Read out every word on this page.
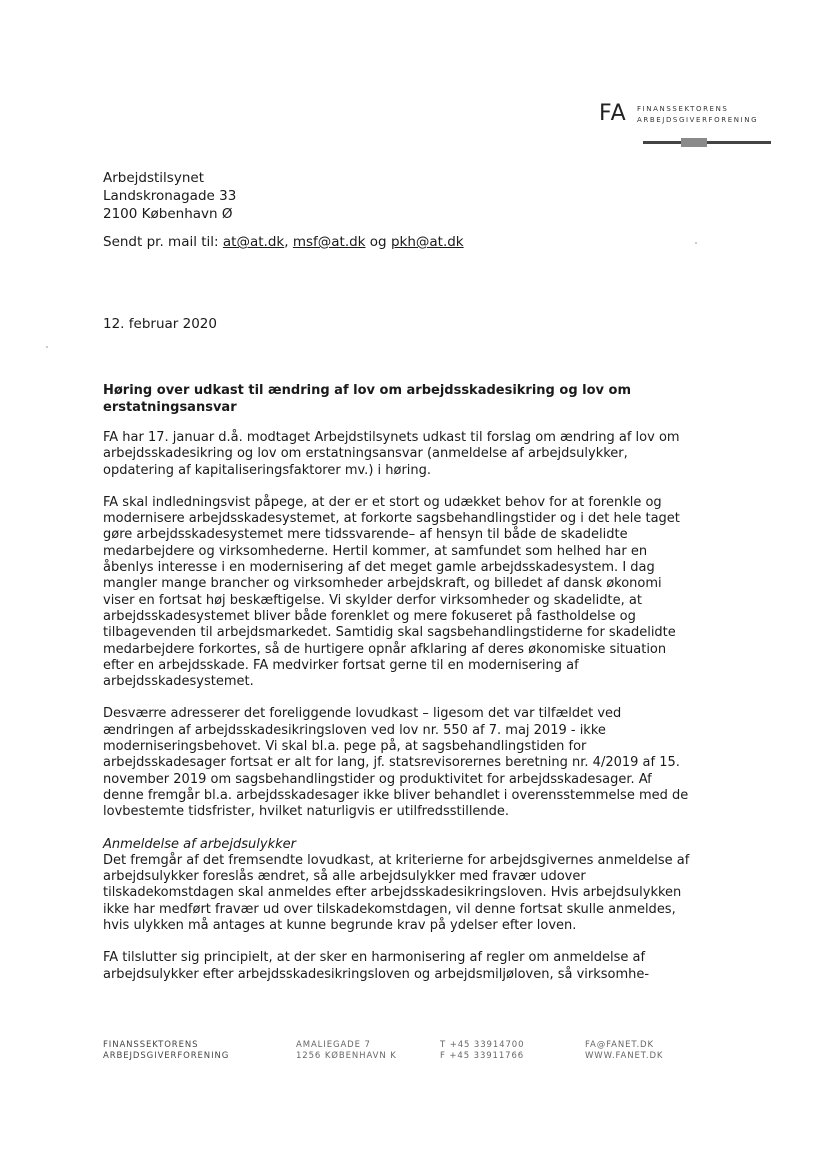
FA FINANSSEKTORENS
ARBEJDSGIVERFORENING
Arbejdstilsynet
Landskronagade 33
2100 København Ø
Sendt pr. mail til: at@at.dk, msf@at.dk og pkh@at.dk
12. februar 2020
Høring over udkast til ændring af lov om arbejdsskadesikring og lov om erstatningsansvar

FA har 17. januar d.å. modtaget Arbejdstilsynets udkast til forslag om ændring af lov om arbejdsskadesikring og lov om erstatningsansvar (anmeldelse af arbejdsulykker, opdatering af kapitaliseringsfaktorer mv.) i høring.

FA skal indledningsvist påpege, at der er et stort og udækket behov for at forenkle og modernisere arbejdsskadesystemet, at forkorte sagsbehandlingstider og i det hele taget gøre arbejdsskadesystemet mere tidssvarende– af hensyn til både de skadelidte medarbejdere og virksomhederne. Hertil kommer, at samfundet som helhed har en åbenlys interesse i en modernisering af det meget gamle arbejdsskadesystem. I dag mangler mange brancher og virksomheder arbejdskraft, og billedet af dansk økonomi viser en fortsat høj beskæftigelse. Vi skylder derfor virksomheder og skadelidte, at arbejdsskadesystemet bliver både forenklet og mere fokuseret på fastholdelse og tilbagevenden til arbejdsmarkedet. Samtidig skal sagsbehandlingstiderne for skadelidte medarbejdere forkortes, så de hurtigere opnår afklaring af deres økonomiske situation efter en arbejdsskade. FA medvirker fortsat gerne til en modernisering af arbejdsskadesystemet.

Desværre adresserer det foreliggende lovudkast – ligesom det var tilfældet ved ændringen af arbejdsskadesikringsloven ved lov nr. 550 af 7. maj 2019 - ikke moderniseringsbehovet. Vi skal bl.a. pege på, at sagsbehandlingstiden for arbejdsskadesager fortsat er alt for lang, jf. statsrevisorernes beretning nr. 4/2019 af 15. november 2019 om sagsbehandlingstider og produktivitet for arbejdsskadesager. Af denne fremgår bl.a. arbejdsskadesager ikke bliver behandlet i overensstemmelse med de lovbestemte tidsfrister, hvilket naturligvis er utilfredsstillende.

Anmeldelse af arbejdsulykker

Det fremgår af det fremsendte lovudkast, at kriterierne for arbejdsgivernes anmeldelse af arbejdsulykker foreslås ændret, så alle arbejdsulykker med fravær udover tilskadekomstdagen skal anmeldes efter arbejdsskadesikringsloven. Hvis arbejdsulykken ikke har medført fravær ud over tilskadekomstdagen, vil denne fortsat skulle anmeldes, hvis ulykken må antages at kunne begrunde krav på ydelser efter loven.

FA tilslutter sig principielt, at der sker en harmonisering af regler om anmeldelse af arbejdsulykker efter arbejdsskadesikringsloven og arbejdsmiljøloven, så virksomhe-

FINANSSEKTORENS
ARBEJDSGIVERFORENING
AMALIEGADE 7
1256 KØBENHAVN K
T +45 33914700
F +45 33911766
FA@FANET.DK
WWW.FANET.DK
